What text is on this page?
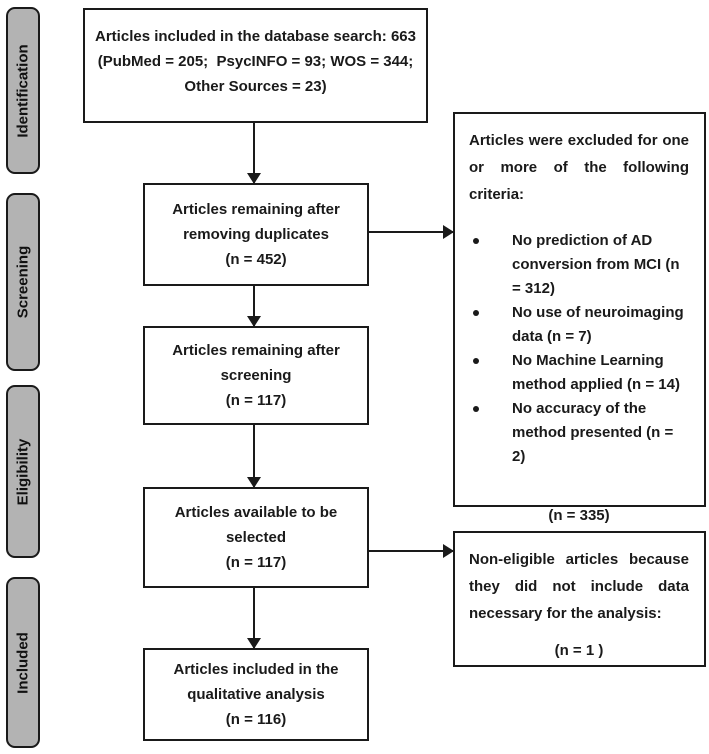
Identification
Screening
Eligibility
Included
Articles included in the database search: 663
(PubMed = 205;  PsycINFO = 93; WOS = 344;
Other Sources = 23)
Articles remaining after
removing duplicates
(n = 452)
Articles remaining after
screening
(n = 117)
Articles available to be
selected
(n = 117)
Articles included in the
qualitative analysis
(n = 116)
Articles were excluded for one or more of the following criteria:
No prediction of AD conversion from MCI (n = 312)
No use of neuroimaging data (n = 7)
No Machine Learning method applied (n = 14)
No accuracy of the method presented (n = 2)
(n = 335)
Non-eligible articles because they did not include data necessary for the analysis:
(n = 1 )
